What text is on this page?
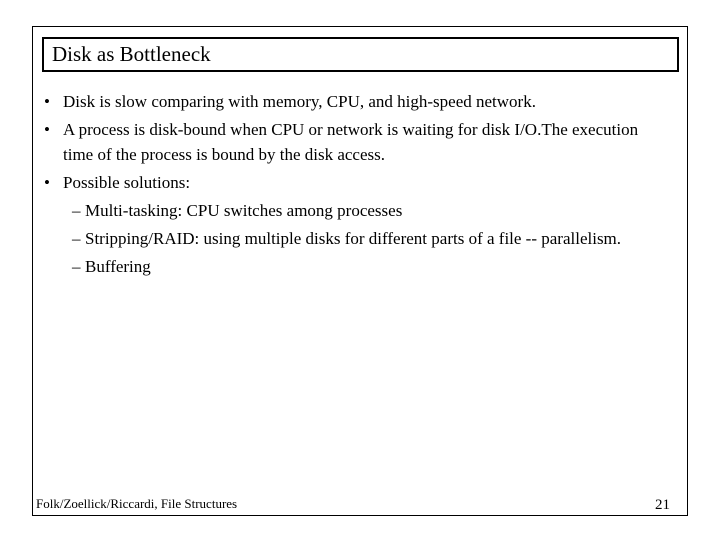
Disk as Bottleneck
• Disk is slow comparing with memory, CPU, and high-speed network.
• A process is disk-bound when CPU or network is waiting for disk I/O.The execution time of the process is bound by the disk access.
• Possible solutions:
– Multi-tasking: CPU switches among processes
– Stripping/RAID: using multiple disks for different parts of a file -- parallelism.
– Buffering
Folk/Zoellick/Riccardi, File Structures	21
